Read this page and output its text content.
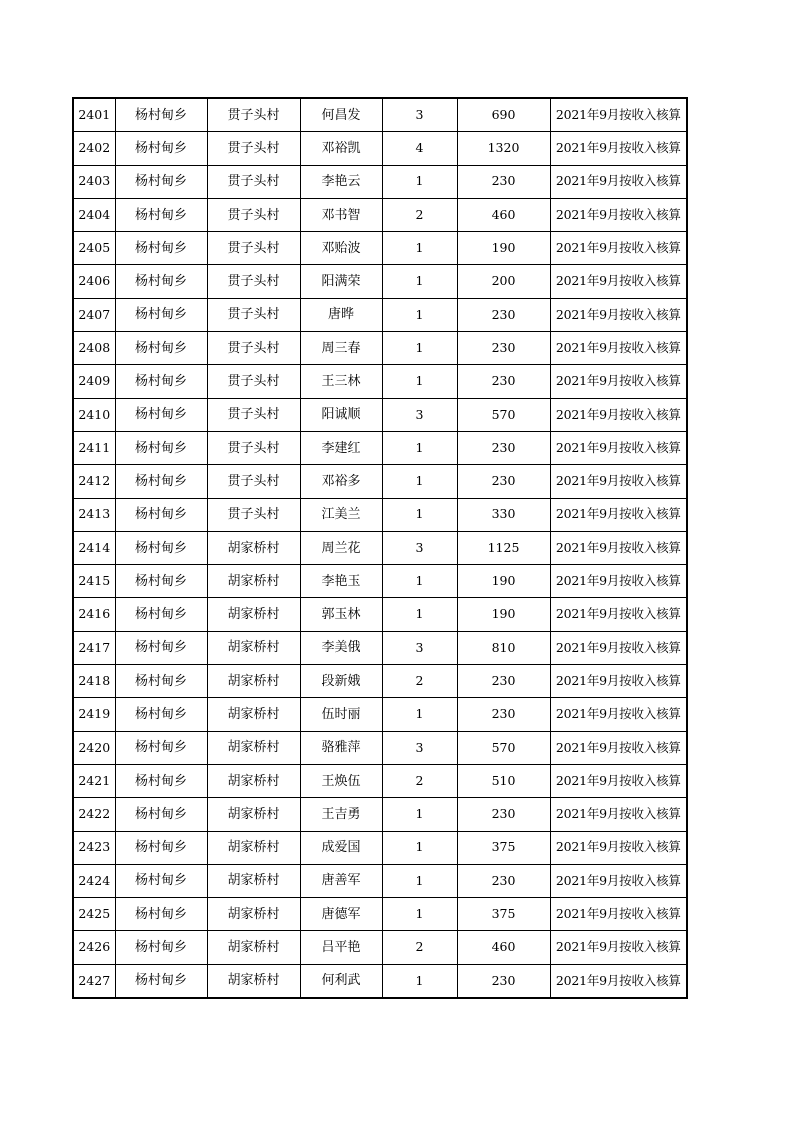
2401	杨村甸乡	贯子头村	何昌发	3	690	2021年9月按收入核算
2402	杨村甸乡	贯子头村	邓裕凯	4	1320	2021年9月按收入核算
2403	杨村甸乡	贯子头村	李艳云	1	230	2021年9月按收入核算
2404	杨村甸乡	贯子头村	邓书智	2	460	2021年9月按收入核算
2405	杨村甸乡	贯子头村	邓贻波	1	190	2021年9月按收入核算
2406	杨村甸乡	贯子头村	阳满荣	1	200	2021年9月按收入核算
2407	杨村甸乡	贯子头村	唐晔	1	230	2021年9月按收入核算
2408	杨村甸乡	贯子头村	周三春	1	230	2021年9月按收入核算
2409	杨村甸乡	贯子头村	王三林	1	230	2021年9月按收入核算
2410	杨村甸乡	贯子头村	阳诚顺	3	570	2021年9月按收入核算
2411	杨村甸乡	贯子头村	李建红	1	230	2021年9月按收入核算
2412	杨村甸乡	贯子头村	邓裕多	1	230	2021年9月按收入核算
2413	杨村甸乡	贯子头村	江美兰	1	330	2021年9月按收入核算
2414	杨村甸乡	胡家桥村	周兰花	3	1125	2021年9月按收入核算
2415	杨村甸乡	胡家桥村	李艳玉	1	190	2021年9月按收入核算
2416	杨村甸乡	胡家桥村	郭玉林	1	190	2021年9月按收入核算
2417	杨村甸乡	胡家桥村	李美俄	3	810	2021年9月按收入核算
2418	杨村甸乡	胡家桥村	段新娥	2	230	2021年9月按收入核算
2419	杨村甸乡	胡家桥村	伍时丽	1	230	2021年9月按收入核算
2420	杨村甸乡	胡家桥村	骆雅萍	3	570	2021年9月按收入核算
2421	杨村甸乡	胡家桥村	王焕伍	2	510	2021年9月按收入核算
2422	杨村甸乡	胡家桥村	王吉勇	1	230	2021年9月按收入核算
2423	杨村甸乡	胡家桥村	成爱国	1	375	2021年9月按收入核算
2424	杨村甸乡	胡家桥村	唐善军	1	230	2021年9月按收入核算
2425	杨村甸乡	胡家桥村	唐德军	1	375	2021年9月按收入核算
2426	杨村甸乡	胡家桥村	吕平艳	2	460	2021年9月按收入核算
2427	杨村甸乡	胡家桥村	何利武	1	230	2021年9月按收入核算
